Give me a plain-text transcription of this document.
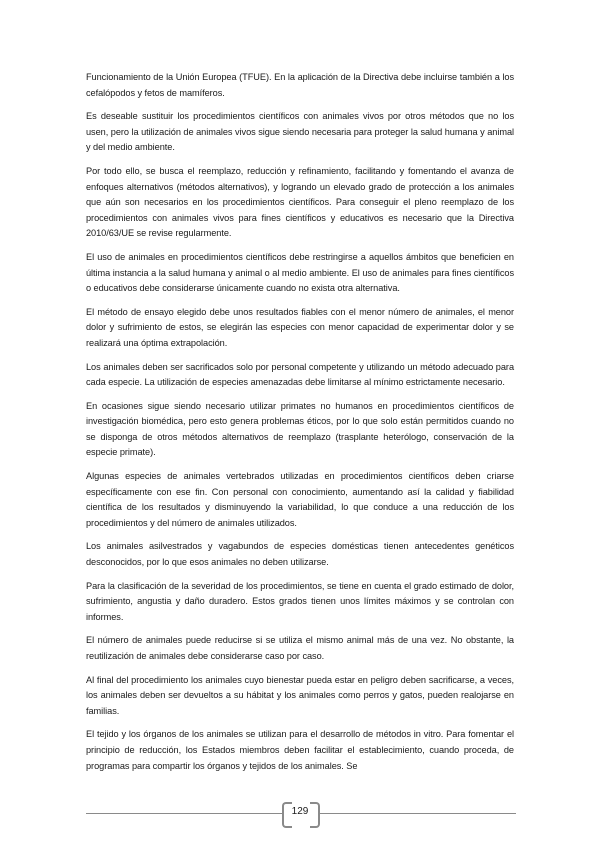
Funcionamiento de la Unión Europea (TFUE). En la aplicación de la Directiva debe incluirse también a los cefalópodos y fetos de mamíferos.

Es deseable sustituir los procedimientos científicos con animales vivos por otros métodos que no los usen, pero la utilización de animales vivos sigue siendo necesaria para proteger la salud humana y animal y del medio ambiente.

Por todo ello, se busca el reemplazo, reducción y refinamiento, facilitando y fomentando el avanza de enfoques alternativos (métodos alternativos), y logrando un elevado grado de protección a los animales que aún son necesarios en los procedimientos científicos. Para conseguir el pleno reemplazo de los procedimientos con animales vivos para fines científicos y educativos es necesario que la Directiva 2010/63/UE se revise regularmente.

El uso de animales en procedimientos científicos debe restringirse a aquellos ámbitos que beneficien en última instancia a la salud humana y animal o al medio ambiente. El uso de animales para fines científicos o educativos debe considerarse únicamente cuando no exista otra alternativa.

El método de ensayo elegido debe unos resultados fiables con el menor número de animales, el menor dolor y sufrimiento de estos, se elegirán las especies con menor capacidad de experimentar dolor y se realizará una óptima extrapolación.

Los animales deben ser sacrificados solo por personal competente y utilizando un método adecuado para cada especie. La utilización de especies amenazadas debe limitarse al mínimo estrictamente necesario.

En ocasiones sigue siendo necesario utilizar primates no humanos en procedimientos científicos de investigación biomédica, pero esto genera problemas éticos, por lo que solo están permitidos cuando no se disponga de otros métodos alternativos de reemplazo (trasplante heterólogo, conservación de la especie primate).

Algunas especies de animales vertebrados utilizadas en procedimientos científicos deben criarse específicamente con ese fin. Con personal con conocimiento, aumentando así la calidad y fiabilidad científica de los resultados y disminuyendo la variabilidad, lo que conduce a una reducción de los procedimientos y del número de animales utilizados.

Los animales asilvestrados y vagabundos de especies domésticas tienen antecedentes genéticos desconocidos, por lo que esos animales no deben utilizarse.

Para la clasificación de la severidad de los procedimientos, se tiene en cuenta el grado estimado de dolor, sufrimiento, angustia y daño duradero. Estos grados tienen unos límites máximos y se controlan con informes.

El número de animales puede reducirse si se utiliza el mismo animal más de una vez. No obstante, la reutilización de animales debe considerarse caso por caso.

Al final del procedimiento los animales cuyo bienestar pueda estar en peligro deben sacrificarse, a veces, los animales deben ser devueltos a su hábitat y los animales como perros y gatos, pueden realojarse en familias.

El tejido y los órganos de los animales se utilizan para el desarrollo de métodos in vitro. Para fomentar el principio de reducción, los Estados miembros deben facilitar el establecimiento, cuando proceda, de programas para compartir los órganos y tejidos de los animales. Se

129
